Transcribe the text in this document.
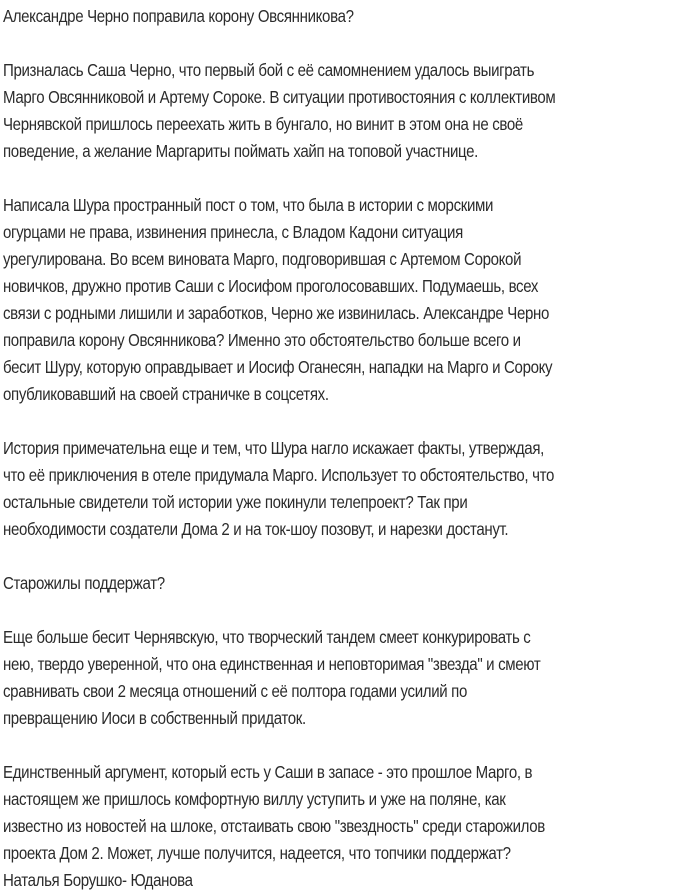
Александре Черно поправила корону Овсянникова?
Призналась Саша Черно, что первый бой с её самомнением удалось выиграть
Марго Овсянниковой и Артему Сороке. В ситуации противостояния с коллективом
Чернявской пришлось переехать жить в бунгало, но винит в этом она не своё
поведение, а желание Маргариты поймать хайп на топовой участнице.
Написала Шура пространный пост о том, что была в истории с морскими
огурцами не права, извинения принесла, с Владом Кадони ситуация
урегулирована. Во всем виновата Марго, подговорившая с Артемом Сорокой
новичков, дружно против Саши с Иосифом проголосовавших. Подумаешь, всех
связи с родными лишили и заработков, Черно же извинилась. Александре Черно
поправила корону Овсянникова? Именно это обстоятельство больше всего и
бесит Шуру, которую оправдывает и Иосиф Оганесян, нападки на Марго и Сороку
опубликовавший на своей страничке в соцсетях.
История примечательна еще и тем, что Шура нагло искажает факты, утверждая,
что её приключения в отеле придумала Марго. Использует то обстоятельство, что
остальные свидетели той истории уже покинули телепроект? Так при
необходимости создатели Дома 2 и на ток-шоу позовут, и нарезки достанут.
Старожилы поддержат?
Еще больше бесит Чернявскую, что творческий тандем смеет конкурировать с
нею, твердо уверенной, что она единственная и неповторимая "звезда" и смеют
сравнивать свои 2 месяца отношений с её полтора годами усилий по
превращению Иоси в собственный придаток.
Единственный аргумент, который есть у Саши в запасе - это прошлое Марго, в
настоящем же пришлось комфортную виллу уступить и уже на поляне, как
известно из новостей на шлоке, отстаивать свою "звездность" среди старожилов
проекта Дом 2. Может, лучше получится, надеется, что топчики поддержат?
Наталья Борушко- Юданова
